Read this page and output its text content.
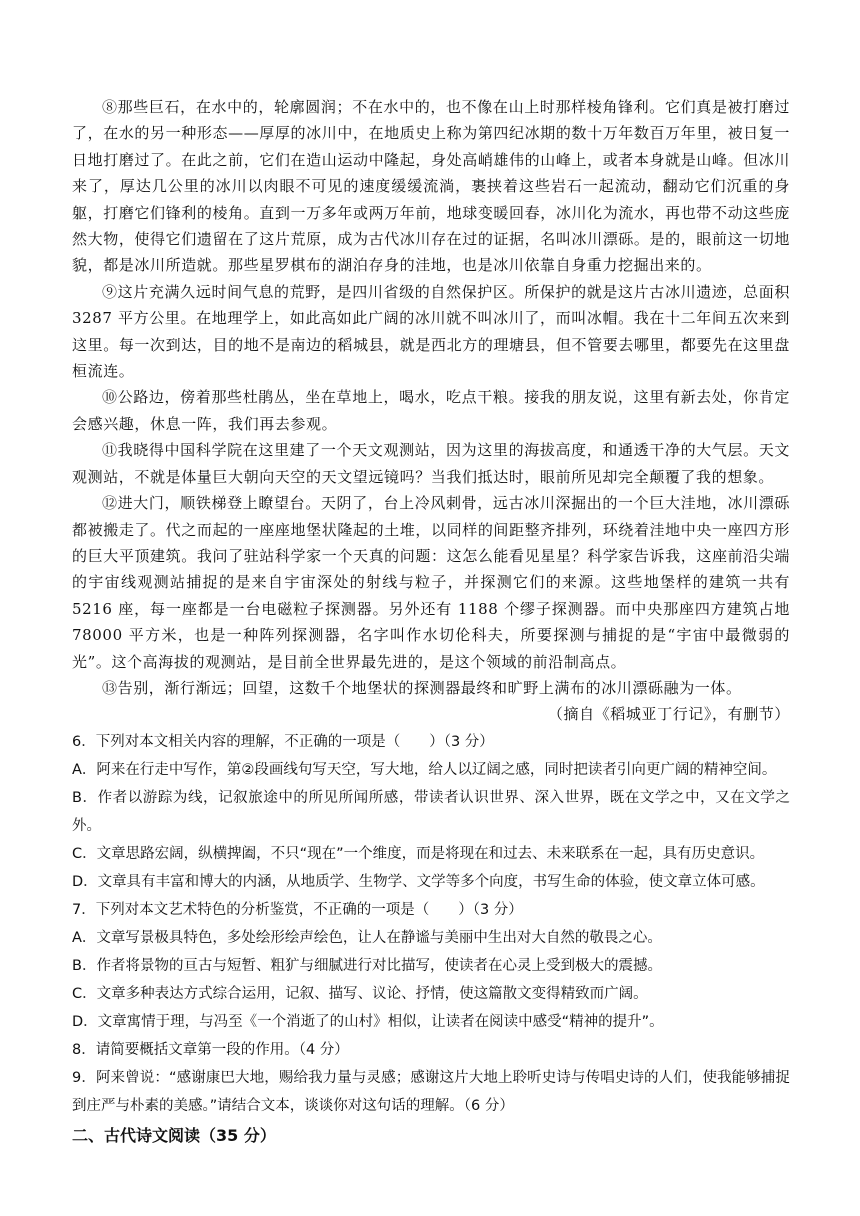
⑧那些巨石，在水中的，轮廓圆润；不在水中的，也不像在山上时那样棱角锋利。它们真是被打磨过了，在水的另一种形态——厚厚的冰川中，在地质史上称为第四纪冰期的数十万年数百万年里，被日复一日地打磨过了。在此之前，它们在造山运动中隆起，身处高峭雄伟的山峰上，或者本身就是山峰。但冰川来了，厚达几公里的冰川以肉眼不可见的速度缓缓流淌，裹挟着这些岩石一起流动，翻动它们沉重的身躯，打磨它们锋利的棱角。直到一万多年或两万年前，地球变暖回春，冰川化为流水，再也带不动这些庞然大物，使得它们遗留在了这片荒原，成为古代冰川存在过的证据，名叫冰川漂砾。是的，眼前这一切地貌，都是冰川所造就。那些星罗棋布的湖泊存身的洼地，也是冰川依靠自身重力挖掘出来的。

⑨这片充满久远时间气息的荒野，是四川省级的自然保护区。所保护的就是这片古冰川遗迹，总面积 3287 平方公里。在地理学上，如此高如此广阔的冰川就不叫冰川了，而叫冰帽。我在十二年间五次来到这里。每一次到达，目的地不是南边的稻城县，就是西北方的理塘县，但不管要去哪里，都要先在这里盘桓流连。

⑩公路边，傍着那些杜鹃丛，坐在草地上，喝水，吃点干粮。接我的朋友说，这里有新去处，你肯定会感兴趣，休息一阵，我们再去参观。

⑪我晓得中国科学院在这里建了一个天文观测站，因为这里的海拔高度，和通透干净的大气层。天文观测站，不就是体量巨大朝向天空的天文望远镜吗？当我们抵达时，眼前所见却完全颠覆了我的想象。

⑫进大门，顺铁梯登上瞭望台。天阴了，台上冷风刺骨，远古冰川深掘出的一个巨大洼地，冰川漂砾都被搬走了。代之而起的一座座地堡状隆起的土堆，以同样的间距整齐排列，环绕着洼地中央一座四方形的巨大平顶建筑。我问了驻站科学家一个天真的问题：这怎么能看见星星？科学家告诉我，这座前沿尖端的宇宙线观测站捕捉的是来自宇宙深处的射线与粒子，并探测它们的来源。这些地堡样的建筑一共有 5216 座，每一座都是一台电磁粒子探测器。另外还有 1188 个缪子探测器。而中央那座四方建筑占地 78000 平方米，也是一种阵列探测器，名字叫作水切伦科夫，所要探测与捕捉的是“宇宙中最微弱的光”。这个高海拔的观测站，是目前全世界最先进的，是这个领域的前沿制高点。

⑬告别，渐行渐远；回望，这数千个地堡状的探测器最终和旷野上满布的冰川漂砾融为一体。

（摘自《稻城亚丁行记》，有删节）

6．下列对本文相关内容的理解，不正确的一项是（　　）（3 分）

A．阿来在行走中写作，第②段画线句写天空，写大地，给人以辽阔之感，同时把读者引向更广阔的精神空间。

B．作者以游踪为线，记叙旅途中的所见所闻所感，带读者认识世界、深入世界，既在文学之中，又在文学之外。

C．文章思路宏阔，纵横捭阖，不只“现在”一个维度，而是将现在和过去、未来联系在一起，具有历史意识。

D．文章具有丰富和博大的内涵，从地质学、生物学、文学等多个向度，书写生命的体验，使文章立体可感。

7．下列对本文艺术特色的分析鉴赏，不正确的一项是（　　）（3 分）

A．文章写景极具特色，多处绘形绘声绘色，让人在静谧与美丽中生出对大自然的敬畏之心。

B．作者将景物的亘古与短暂、粗犷与细腻进行对比描写，使读者在心灵上受到极大的震撼。

C．文章多种表达方式综合运用，记叙、描写、议论、抒情，使这篇散文变得精致而广阔。

D．文章寓情于理，与冯至《一个消逝了的山村》相似，让读者在阅读中感受“精神的提升”。

8．请简要概括文章第一段的作用。（4 分）

9．阿来曾说：“感谢康巴大地，赐给我力量与灵感；感谢这片大地上聆听史诗与传唱史诗的人们，使我能够捕捉到庄严与朴素的美感。”请结合文本，谈谈你对这句话的理解。（6 分）

二、古代诗文阅读（35 分）
